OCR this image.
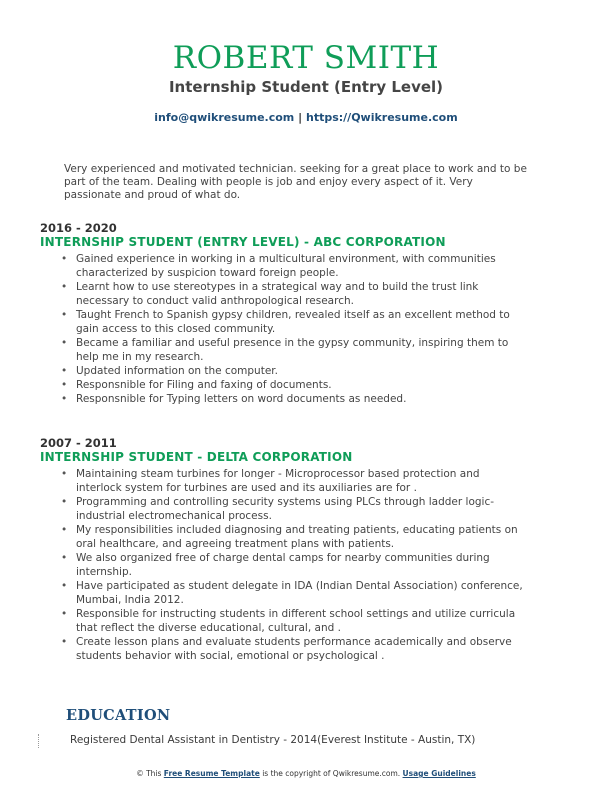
ROBERT SMITH
Internship Student (Entry Level)
info@qwikresume.com | https://Qwikresume.com
Very experienced and motivated technician. seeking for a great place to work and to be part of the team. Dealing with people is job and enjoy every aspect of it. Very passionate and proud of what do.
2016 - 2020
INTERNSHIP STUDENT (ENTRY LEVEL) - ABC CORPORATION
• Gained experience in working in a multicultural environment, with communities characterized by suspicion toward foreign people.
• Learnt how to use stereotypes in a strategical way and to build the trust link necessary to conduct valid anthropological research.
• Taught French to Spanish gypsy children, revealed itself as an excellent method to gain access to this closed community.
• Became a familiar and useful presence in the gypsy community, inspiring them to help me in my research.
• Updated information on the computer.
• Responsnible for Filing and faxing of documents.
• Responsnible for Typing letters on word documents as needed.
2007 - 2011
INTERNSHIP STUDENT - DELTA CORPORATION
• Maintaining steam turbines for longer - Microprocessor based protection and interlock system for turbines are used and its auxiliaries are for .
• Programming and controlling security systems using PLCs through ladder logic-industrial electromechanical process.
• My responsibilities included diagnosing and treating patients, educating patients on oral healthcare, and agreeing treatment plans with patients.
• We also organized free of charge dental camps for nearby communities during internship.
• Have participated as student delegate in IDA (Indian Dental Association) conference, Mumbai, India 2012.
• Responsible for instructing students in different school settings and utilize curricula that reflect the diverse educational, cultural, and .
• Create lesson plans and evaluate students performance academically and observe students behavior with social, emotional or psychological .
EDUCATION
Registered Dental Assistant in Dentistry - 2014(Everest Institute - Austin, TX)
© This Free Resume Template is the copyright of Qwikresume.com. Usage Guidelines
